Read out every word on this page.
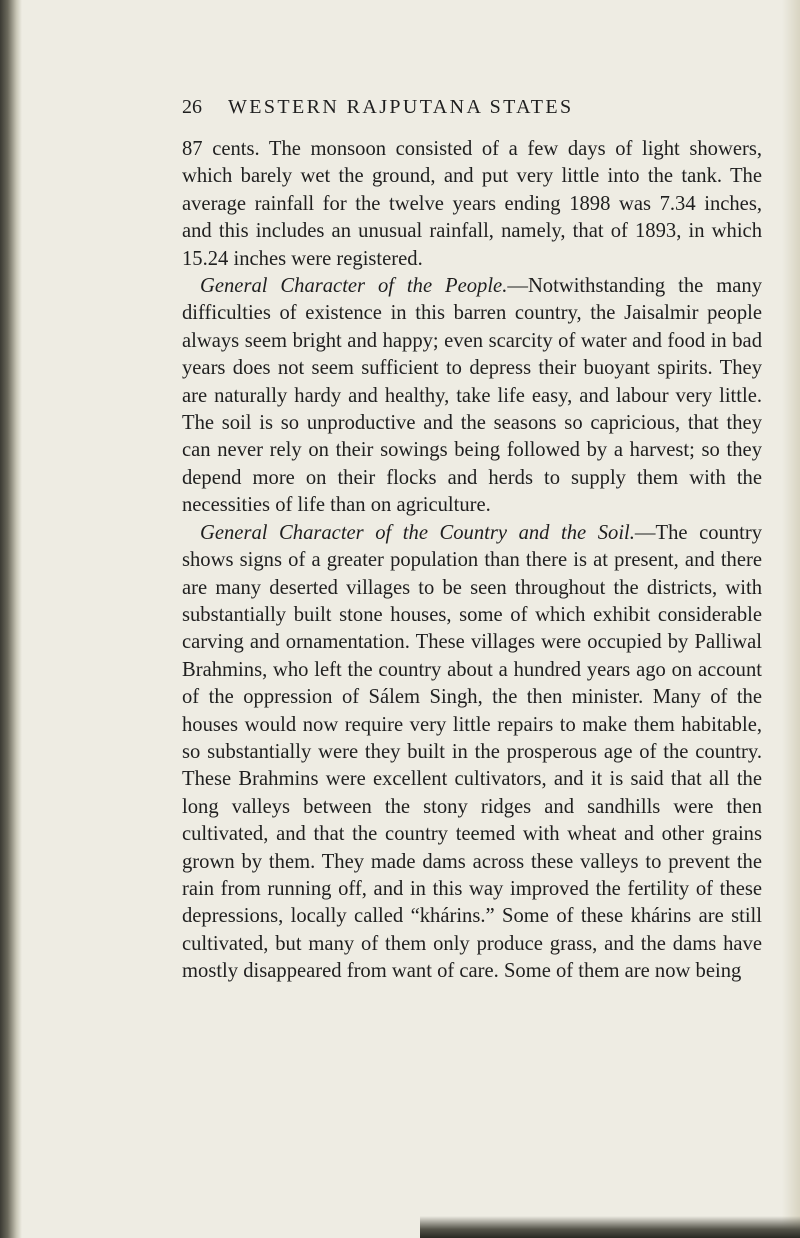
26 WESTERN RAJPUTANA STATES

87 cents. The monsoon consisted of a few days of light showers, which barely wet the ground, and put very little into the tank. The average rainfall for the twelve years ending 1898 was 7.34 inches, and this includes an unusual rainfall, namely, that of 1893, in which 15.24 inches were registered.

General Character of the People.—Notwithstanding the many difficulties of existence in this barren country, the Jaisalmir people always seem bright and happy; even scarcity of water and food in bad years does not seem sufficient to depress their buoyant spirits. They are naturally hardy and healthy, take life easy, and labour very little. The soil is so unproductive and the seasons so capricious, that they can never rely on their sowings being followed by a harvest; so they depend more on their flocks and herds to supply them with the necessities of life than on agriculture.

General Character of the Country and the Soil.—The country shows signs of a greater population than there is at present, and there are many deserted villages to be seen throughout the districts, with substantially built stone houses, some of which exhibit considerable carving and ornamentation. These villages were occupied by Palliwal Brahmins, who left the country about a hundred years ago on account of the oppression of Sálem Singh, the then minister. Many of the houses would now require very little repairs to make them habitable, so substantially were they built in the prosperous age of the country. These Brahmins were excellent cultivators, and it is said that all the long valleys between the stony ridges and sandhills were then cultivated, and that the country teemed with wheat and other grains grown by them. They made dams across these valleys to prevent the rain from running off, and in this way improved the fertility of these depressions, locally called “khárins.” Some of these khárins are still cultivated, but many of them only produce grass, and the dams have mostly disappeared from want of care. Some of them are now being
